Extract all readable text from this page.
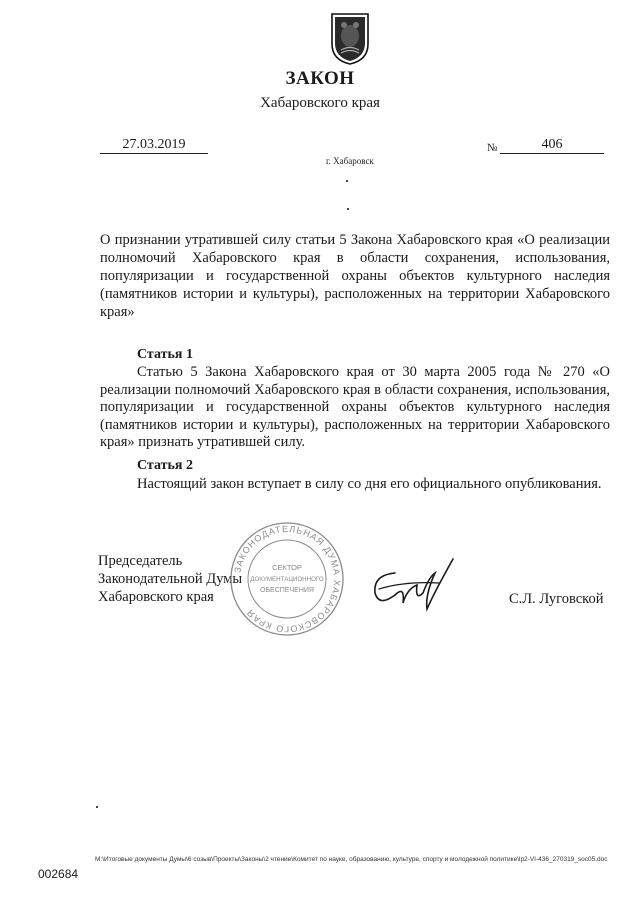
ЗАКОН
Хабаровского края
27.03.2019	№	406
г. Хабаровск
О признании утратившей силу статьи 5 Закона Хабаровского края «О реализации полномочий Хабаровского края в области сохранения, использования, популяризации и государственной охраны объектов культурного наследия (памятников истории и культуры), расположенных на территории Хабаровского края»
Статья 1
Статью 5 Закона Хабаровского края от 30 марта 2005 года № 270 «О реализации полномочий Хабаровского края в области сохранения, использования, популяризации и государственной охраны объектов культурного наследия (памятников истории и культуры), расположенных на территории Хабаровского края» признать утратившей силу.
Статья 2
Настоящий закон вступает в силу со дня его официального опубликования.
Председатель
Законодательной Думы
Хабаровского края
ЗАКОНОДАТЕЛЬНАЯ ДУМА ХАБАРОВСКОГО КРАЯ
СЕКТОР
ДОКУМЕНТАЦИОННОГО
ОБЕСПЕЧЕНИЯ
С.Л. Луговской
M:\Итоговые документы Думы\6 созыв\Проекты\Законы\2 чтение\Комитет по науке, образованию, культуре, спорту и молодежной политике\lp2-VI-436_270319_soc05.doc
002684
